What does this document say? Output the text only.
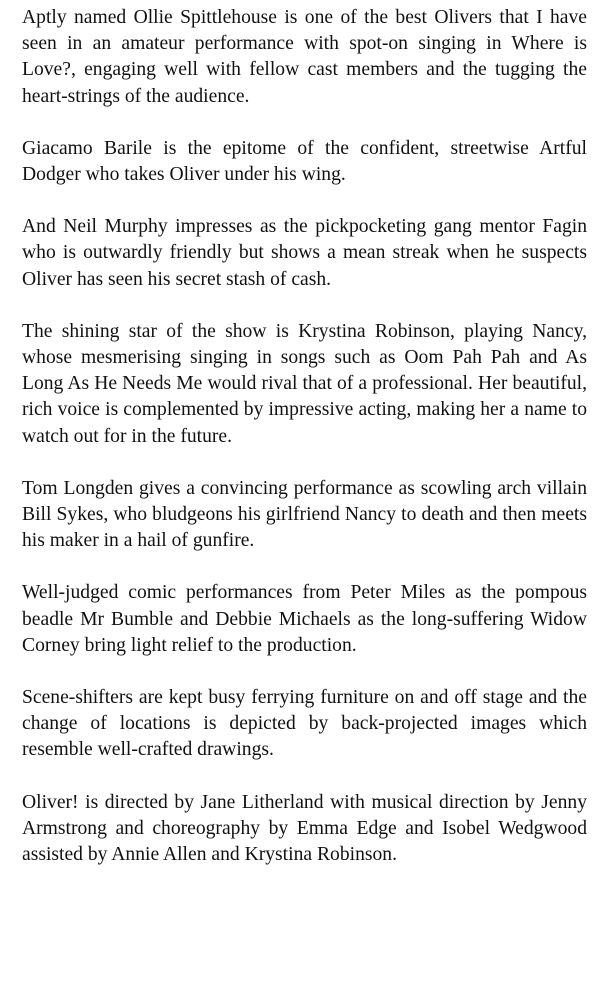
Aptly named Ollie Spittlehouse is one of the best Olivers that I have seen in an amateur performance with spot-on singing in Where is Love?, engaging well with fellow cast members and the tugging the heart-strings of the audience.

Giacamo Barile is the epitome of the confident, streetwise Artful Dodger who takes Oliver under his wing.

And Neil Murphy impresses as the pickpocketing gang mentor Fagin who is outwardly friendly but shows a mean streak when he suspects Oliver has seen his secret stash of cash.

The shining star of the show is Krystina Robinson, playing Nancy, whose mesmerising singing in songs such as Oom Pah Pah and As Long As He Needs Me would rival that of a professional. Her beautiful, rich voice is complemented by impressive acting, making her a name to watch out for in the future.

Tom Longden gives a convincing performance as scowling arch villain Bill Sykes, who bludgeons his girlfriend Nancy to death and then meets his maker in a hail of gunfire.

Well-judged comic performances from Peter Miles as the pompous beadle Mr Bumble and Debbie Michaels as the long-suffering Widow Corney bring light relief to the production.

Scene-shifters are kept busy ferrying furniture on and off stage and the change of locations is depicted by back-projected images which resemble well-crafted drawings.

Oliver! is directed by Jane Litherland with musical direction by Jenny Armstrong and choreography by Emma Edge and Isobel Wedgwood assisted by Annie Allen and Krystina Robinson.
